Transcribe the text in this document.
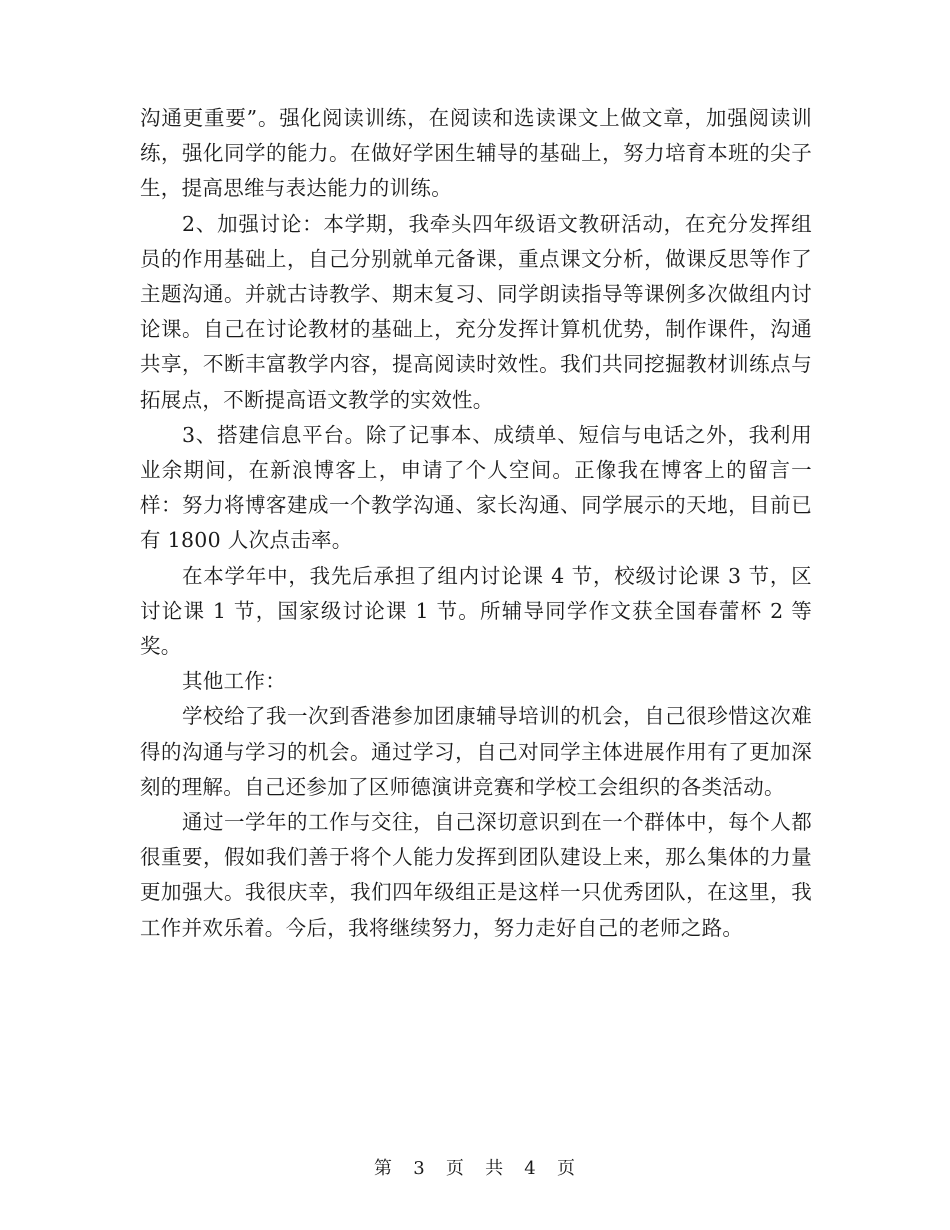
沟通更重要”。强化阅读训练，在阅读和选读课文上做文章，加强阅读训练，强化同学的能力。在做好学困生辅导的基础上，努力培育本班的尖子生，提高思维与表达能力的训练。

2、加强讨论：本学期，我牵头四年级语文教研活动，在充分发挥组员的作用基础上，自己分别就单元备课，重点课文分析，做课反思等作了主题沟通。并就古诗教学、期末复习、同学朗读指导等课例多次做组内讨论课。自己在讨论教材的基础上，充分发挥计算机优势，制作课件，沟通共享，不断丰富教学内容，提高阅读时效性。我们共同挖掘教材训练点与拓展点，不断提高语文教学的实效性。

3、搭建信息平台。除了记事本、成绩单、短信与电话之外，我利用业余期间，在新浪博客上，申请了个人空间。正像我在博客上的留言一样：努力将博客建成一个教学沟通、家长沟通、同学展示的天地，目前已有 1800 人次点击率。

在本学年中，我先后承担了组内讨论课 4 节，校级讨论课 3 节，区讨论课 1 节，国家级讨论课 1 节。所辅导同学作文获全国春蕾杯 2 等奖。

其他工作：

学校给了我一次到香港参加团康辅导培训的机会，自己很珍惜这次难得的沟通与学习的机会。通过学习，自己对同学主体进展作用有了更加深刻的理解。自己还参加了区师德演讲竞赛和学校工会组织的各类活动。

通过一学年的工作与交往，自己深切意识到在一个群体中，每个人都很重要，假如我们善于将个人能力发挥到团队建设上来，那么集体的力量更加强大。我很庆幸，我们四年级组正是这样一只优秀团队，在这里，我工作并欢乐着。今后，我将继续努力，努力走好自己的老师之路。

第 3 页 共 4 页
